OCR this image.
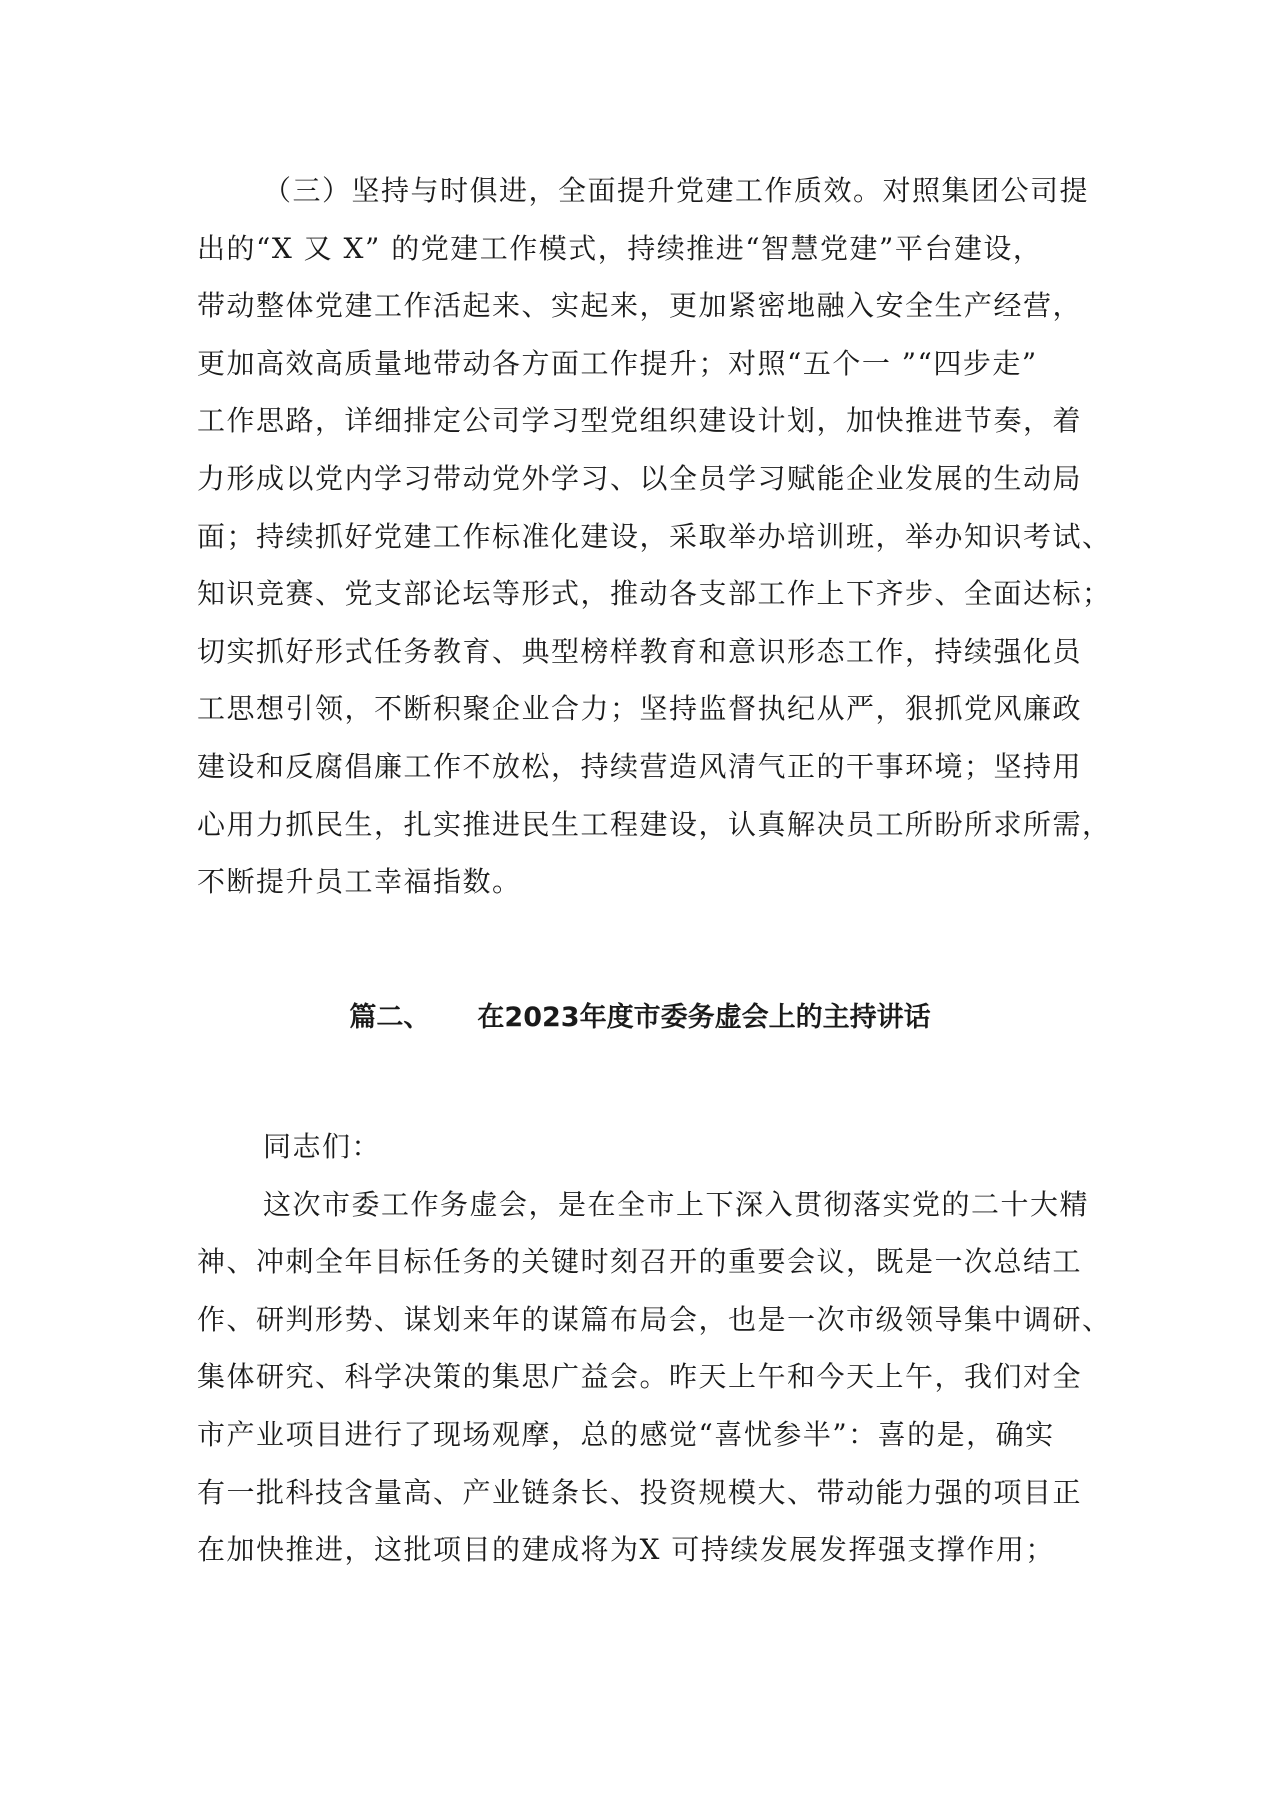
（三）坚持与时俱进，全面提升党建工作质效。对照集团公司提
出的“X 又 X” 的党建工作模式，持续推进“智慧党建”平台建设，
带动整体党建工作活起来、实起来，更加紧密地融入安全生产经营，
更加高效高质量地带动各方面工作提升；对照“五个一 ”“四步走”
工作思路，详细排定公司学习型党组织建设计划，加快推进节奏，着
力形成以党内学习带动党外学习、以全员学习赋能企业发展的生动局
面；持续抓好党建工作标准化建设，采取举办培训班，举办知识考试、
知识竞赛、党支部论坛等形式，推动各支部工作上下齐步、全面达标；
切实抓好形式任务教育、典型榜样教育和意识形态工作，持续强化员
工思想引领，不断积聚企业合力；坚持监督执纪从严，狠抓党风廉政
建设和反腐倡廉工作不放松，持续营造风清气正的干事环境；坚持用
心用力抓民生，扎实推进民生工程建设，认真解决员工所盼所求所需，
不断提升员工幸福指数。
篇二、     在2023年度市委务虚会上的主持讲话
同志们：
这次市委工作务虚会，是在全市上下深入贯彻落实党的二十大精
神、冲刺全年目标任务的关键时刻召开的重要会议，既是一次总结工
作、研判形势、谋划来年的谋篇布局会，也是一次市级领导集中调研、
集体研究、科学决策的集思广益会。昨天上午和今天上午，我们对全
市产业项目进行了现场观摩，总的感觉“喜忧参半”：喜的是，确实
有一批科技含量高、产业链条长、投资规模大、带动能力强的项目正
在加快推进，这批项目的建成将为X 可持续发展发挥强支撑作用；
